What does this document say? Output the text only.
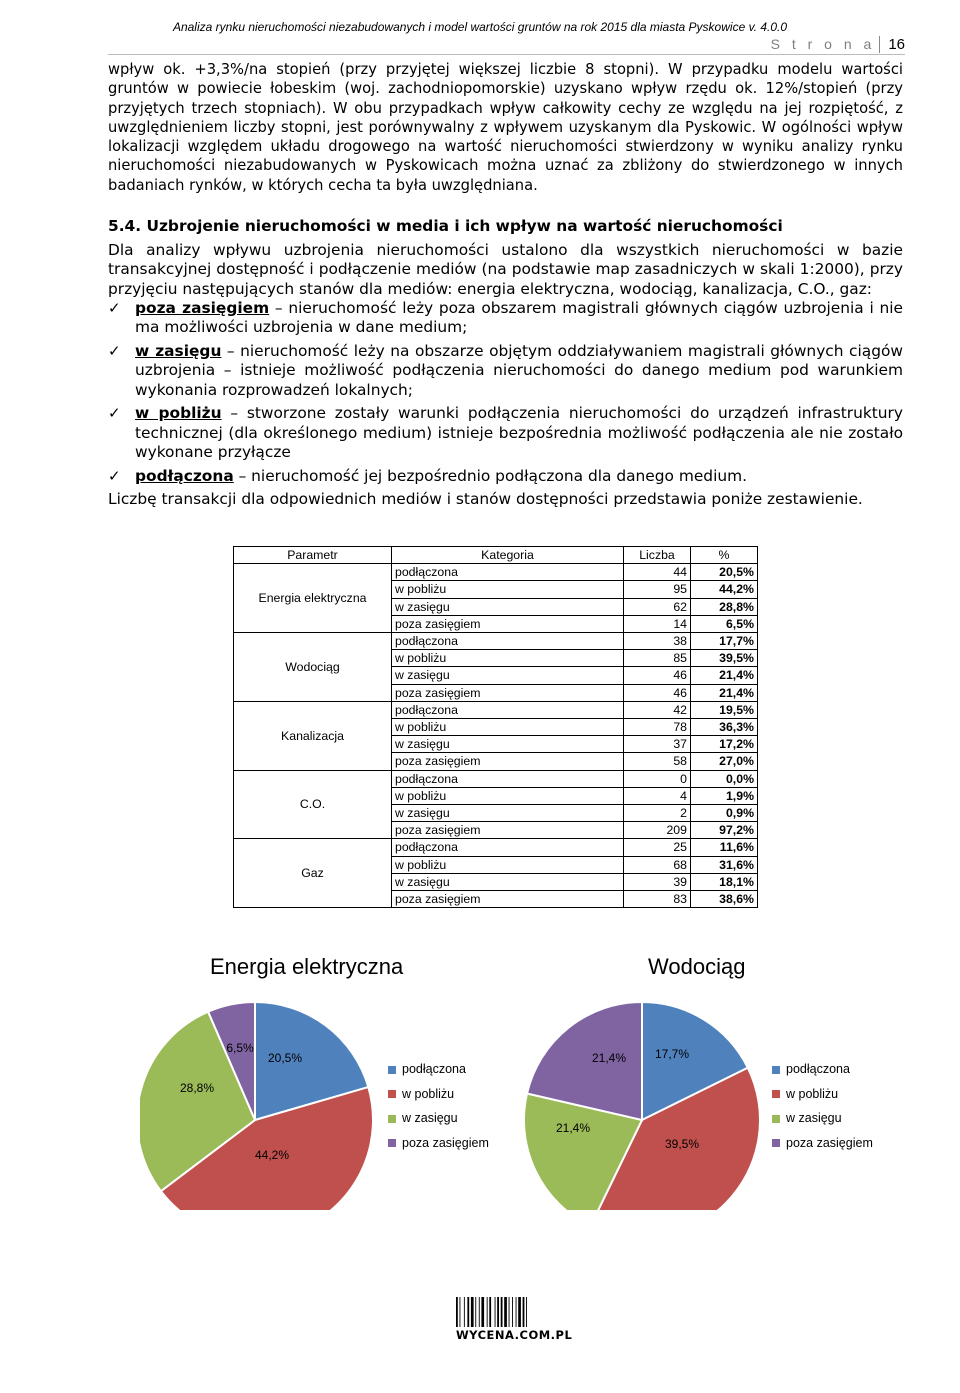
Analiza rynku nieruchomości niezabudowanych i model wartości gruntów na rok 2015 dla miasta Pyskowice v. 4.0.0
S t r o n a 16

wpływ ok. +3,3%/na stopień (przy przyjętej większej liczbie 8 stopni). W przypadku modelu wartości gruntów w powiecie łobeskim (woj. zachodniopomorskie) uzyskano wpływ rzędu ok. 12%/stopień (przy przyjętych trzech stopniach). W obu przypadkach wpływ całkowity cechy ze względu na jej rozpiętość, z uwzględnieniem liczby stopni, jest porównywalny z wpływem uzyskanym dla Pyskowic. W ogólności wpływ lokalizacji względem układu drogowego na wartość nieruchomości stwierdzony w wyniku analizy rynku nieruchomości niezabudowanych w Pyskowicach można uznać za zbliżony do stwierdzonego w innych badaniach rynków, w których cecha ta była uwzględniana.

5.4. Uzbrojenie nieruchomości w media i ich wpływ na wartość nieruchomości

Dla analizy wpływu uzbrojenia nieruchomości ustalono dla wszystkich nieruchomości w bazie transakcyjnej dostępność i podłączenie mediów (na podstawie map zasadniczych w skali 1:2000), przy przyjęciu następujących stanów dla mediów: energia elektryczna, wodociąg, kanalizacja, C.O., gaz:

✓ poza zasięgiem – nieruchomość leży poza obszarem magistrali głównych ciągów uzbrojenia i nie ma możliwości uzbrojenia w dane medium;
✓ w zasięgu – nieruchomość leży na obszarze objętym oddziaływaniem magistrali głównych ciągów uzbrojenia – istnieje możliwość podłączenia nieruchomości do danego medium pod warunkiem wykonania rozprowadzeń lokalnych;
✓ w pobliżu – stworzone zostały warunki podłączenia nieruchomości do urządzeń infrastruktury technicznej (dla określonego medium) istnieje bezpośrednia możliwość podłączenia ale nie zostało wykonane przyłącze
✓ podłączona – nieruchomość jej bezpośrednio podłączona dla danego medium.

Liczbę transakcji dla odpowiednich mediów i stanów dostępności przedstawia poniże zestawienie.

Parametr	Kategoria	Liczba	%
Energia elektryczna	podłączona	44	20,5%
	w pobliżu	95	44,2%
	w zasięgu	62	28,8%
	poza zasięgiem	14	6,5%
Wodociąg	podłączona	38	17,7%
	w pobliżu	85	39,5%
	w zasięgu	46	21,4%
	poza zasięgiem	46	21,4%
Kanalizacja	podłączona	42	19,5%
	w pobliżu	78	36,3%
	w zasięgu	37	17,2%
	poza zasięgiem	58	27,0%
C.O.	podłączona	0	0,0%
	w pobliżu	4	1,9%
	w zasięgu	2	0,9%
	poza zasięgiem	209	97,2%
Gaz	podłączona	25	11,6%
	w pobliżu	68	31,6%
	w zasięgu	39	18,1%
	poza zasięgiem	83	38,6%
Energia elektryczna
20,5%
44,2%
28,8%
6,5%
podłączona
w pobliżu
w zasięgu
poza zasięgiem
Wodociąg
17,7%
39,5%
21,4%
21,4%
podłączona
w pobliżu
w zasięgu
poza zasięgiem
WYCENA.COM.PL
